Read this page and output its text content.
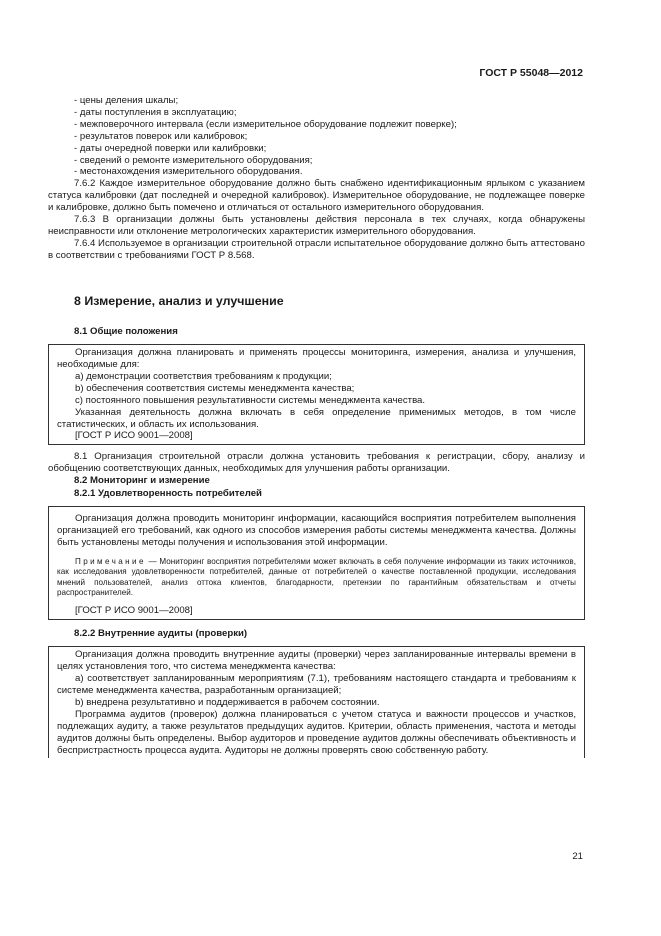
ГОСТ Р 55048—2012
- цены деления шкалы;
- даты поступления в эксплуатацию;
- межповерочного интервала (если измерительное оборудование подлежит поверке);
- результатов поверок или калибровок;
- даты очередной поверки или калибровки;
- сведений о ремонте измерительного оборудования;
- местонахождения измерительного оборудования.

7.6.2 Каждое измерительное оборудование должно быть снабжено идентификационным ярлыком с указанием статуса калибровки (дат последней и очередной калибровок). Измерительное оборудование, не подлежащее поверке и калибровке, должно быть помечено и отличаться от остального измерительного оборудования.

7.6.3 В организации должны быть установлены действия персонала в тех случаях, когда обнаружены неисправности или отклонение метрологических характеристик измерительного оборудования.

7.6.4 Используемое в организации строительной отрасли испытательное оборудование должно быть аттестовано в соответствии с требованиями ГОСТ Р 8.568.

8 Измерение, анализ и улучшение
8.1 Общие положения

Организация должна планировать и применять процессы мониторинга, измерения, анализа и улучшения, необходимые для:

а) демонстрации соответствия требованиям к продукции;
b) обеспечения соответствия системы менеджмента качества;
c) постоянного повышения результативности системы менеджмента качества.

Указанная деятельность должна включать в себя определение применимых методов, в том числе статистических, и область их использования.

[ГОСТ Р ИСО 9001—2008]

8.1 Организация строительной отрасли должна установить требования к регистрации, сбору, анализу и обобщению соответствующих данных, необходимых для улучшения работы организации.

8.2 Мониторинг и измерение
8.2.1 Удовлетворенность потребителей

Организация должна проводить мониторинг информации, касающийся восприятия потребителем выполнения организацией его требований, как одного из способов измерения работы системы менеджмента качества. Должны быть установлены методы получения и использования этой информации.

Примечание — Мониторинг восприятия потребителями может включать в себя получение информации из таких источников, как исследования удовлетворенности потребителей, данные от потребителей о качестве поставленной продукции, исследования мнений пользователей, анализ оттока клиентов, благодарности, претензии по гарантийным обязательствам и отчеты распространителей.
[ГОСТ Р ИСО 9001—2008]
8.2.2 Внутренние аудиты (проверки)

Организация должна проводить внутренние аудиты (проверки) через запланированные интервалы времени в целях установления того, что система менеджмента качества:

а) соответствует запланированным мероприятиям (7.1), требованиям настоящего стандарта и требованиям к системе менеджмента качества, разработанным организацией;

b) внедрена результативно и поддерживается в рабочем состоянии.

Программа аудитов (проверок) должна планироваться с учетом статуса и важности процессов и участков, подлежащих аудиту, а также результатов предыдущих аудитов. Критерии, область применения, частота и методы аудитов должны быть определены. Выбор аудиторов и проведение аудитов должны обеспечивать объективность и беспристрастность процесса аудита. Аудиторы не должны проверять свою собственную работу.

21
